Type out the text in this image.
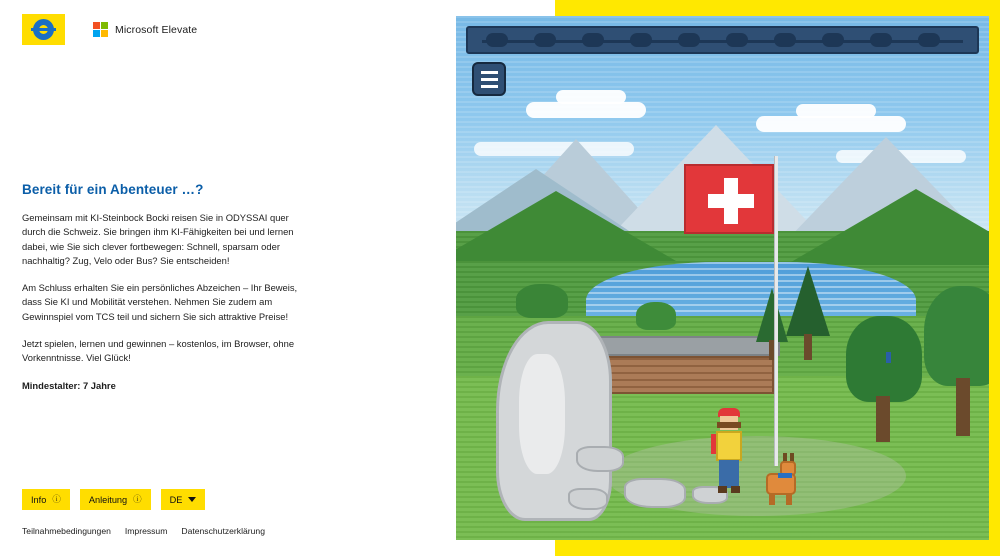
Microsoft Elevate
Bereit für ein Abenteuer …?

Gemeinsam mit KI-Steinbock Bocki reisen Sie in ODYSSAI quer durch die Schweiz. Sie bringen ihm KI-Fähigkeiten bei und lernen dabei, wie Sie sich clever fortbewegen: Schnell, sparsam oder nachhaltig? Zug, Velo oder Bus? Sie entscheiden!

Am Schluss erhalten Sie ein persönliches Abzeichen – Ihr Beweis, dass Sie KI und Mobilität verstehen. Nehmen Sie zudem am Gewinnspiel vom TCS teil und sichern Sie sich attraktive Preise!

Jetzt spielen, lernen und gewinnen – kostenlos, im Browser, ohne Vorkenntnisse. Viel Glück!

Mindestalter: 7 Jahre

Info ⓘ	Anleitung ⓘ	DE
Teilnahmebedingungen Impressum Datenschutzerklärung
